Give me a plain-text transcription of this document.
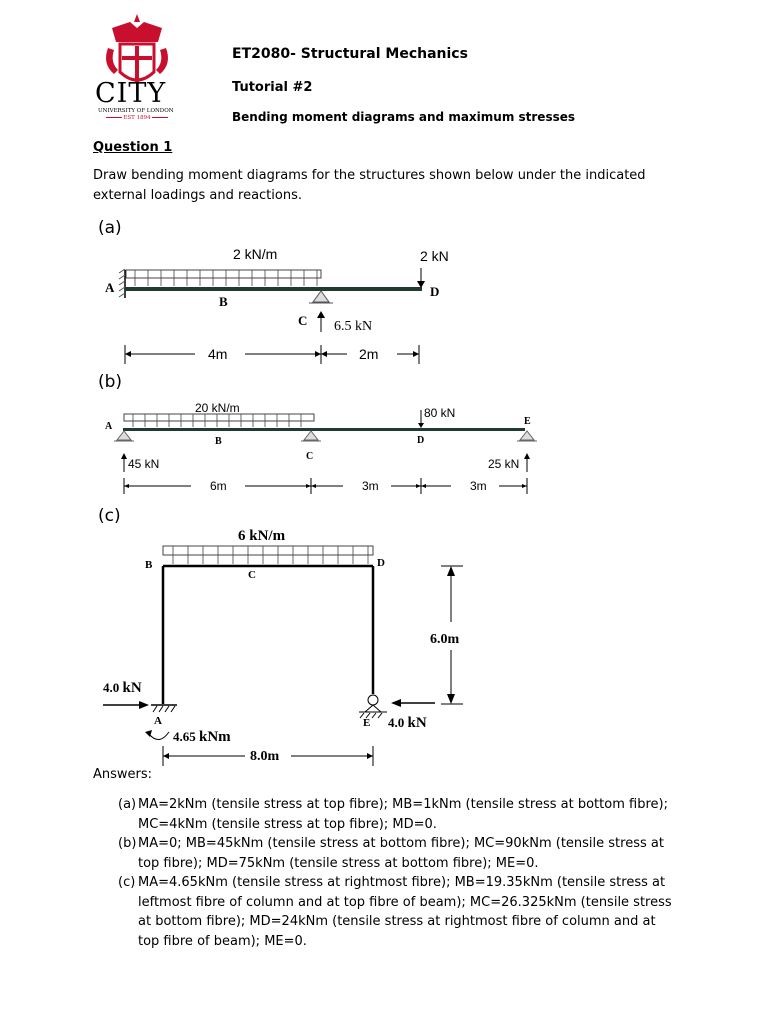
CITY
UNIVERSITY OF LONDON
EST 1894
ET2080- Structural Mechanics
Tutorial #2
Bending moment diagrams and maximum stresses
Question 1
Draw bending moment diagrams for the structures shown below under the indicated external loadings and reactions.
(a)
2 kN/m	2 kN
A
B
C
D
6.5 kN
4m	2m
(b)
20 kN/m	80 kN
A
B
C
D
E
45 kN	25 kN
6m	3m	3m
(c)
6 kN/m
B
C
D
A	E
6.0m
8.0m
4.0 kN
4.0 kN
4.65 kNm
Answers:
(a) MA=2kNm (tensile stress at top fibre); MB=1kNm (tensile stress at bottom fibre); MC=4kNm (tensile stress at top fibre); MD=0.
(b) MA=0; MB=45kNm (tensile stress at bottom fibre); MC=90kNm (tensile stress at top fibre); MD=75kNm (tensile stress at bottom fibre); ME=0.
(c) MA=4.65kNm (tensile stress at rightmost fibre); MB=19.35kNm (tensile stress at leftmost fibre of column and at top fibre of beam); MC=26.325kNm (tensile stress at bottom fibre); MD=24kNm (tensile stress at rightmost fibre of column and at top fibre of beam); ME=0.
